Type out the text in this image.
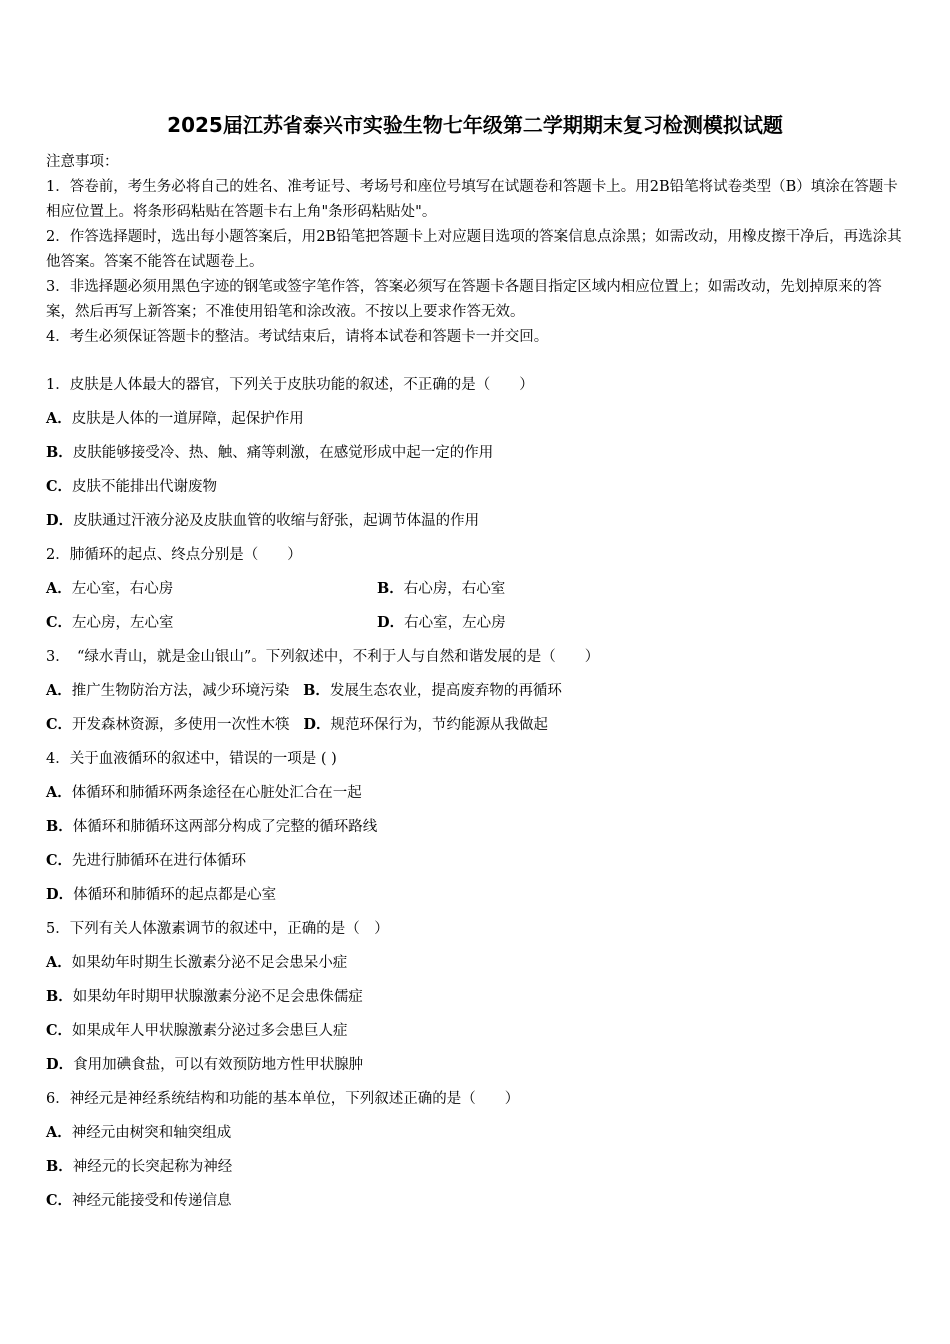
2025届江苏省泰兴市实验生物七年级第二学期期末复习检测模拟试题

注意事项：

1．答卷前，考生务必将自己的姓名、准考证号、考场号和座位号填写在试题卷和答题卡上。用2B铅笔将试卷类型（B）填涂在答题卡相应位置上。将条形码粘贴在答题卡右上角"条形码粘贴处"。

2．作答选择题时，选出每小题答案后，用2B铅笔把答题卡上对应题目选项的答案信息点涂黑；如需改动，用橡皮擦干净后，再选涂其他答案。答案不能答在试题卷上。

3．非选择题必须用黑色字迹的钢笔或签字笔作答，答案必须写在答题卡各题目指定区域内相应位置上；如需改动，先划掉原来的答案，然后再写上新答案；不准使用铅笔和涂改液。不按以上要求作答无效。

4．考生必须保证答题卡的整洁。考试结束后，请将本试卷和答题卡一并交回。

1．皮肤是人体最大的器官，下列关于皮肤功能的叙述，不正确的是（　　）
A．皮肤是人体的一道屏障，起保护作用
B．皮肤能够接受冷、热、触、痛等刺激，在感觉形成中起一定的作用
C．皮肤不能排出代谢废物
D．皮肤通过汗液分泌及皮肤血管的收缩与舒张，起调节体温的作用
2．肺循环的起点、终点分别是（　　）
A．左心室，右心房	B．右心房，右心室
C．左心房，左心室	D．右心室，左心房
3．　“绿水青山，就是金山银山”。下列叙述中，不利于人与自然和谐发展的是（　　）
A．推广生物防治方法，减少环境污染 B．发展生态农业，提高废弃物的再循环
C．开发森林资源，多使用一次性木筷 D．规范环保行为，节约能源从我做起
4．关于血液循环的叙述中，错误的一项是 ( )
A．体循环和肺循环两条途径在心脏处汇合在一起
B．体循环和肺循环这两部分构成了完整的循环路线
C．先进行肺循环在进行体循环
D．体循环和肺循环的起点都是心室
5．下列有关人体激素调节的叙述中，正确的是（　）
A．如果幼年时期生长激素分泌不足会患呆小症
B．如果幼年时期甲状腺激素分泌不足会患侏儒症
C．如果成年人甲状腺激素分泌过多会患巨人症
D．食用加碘食盐，可以有效预防地方性甲状腺肿
6．神经元是神经系统结构和功能的基本单位，下列叙述正确的是（　　）
A．神经元由树突和轴突组成
B．神经元的长突起称为神经
C．神经元能接受和传递信息
